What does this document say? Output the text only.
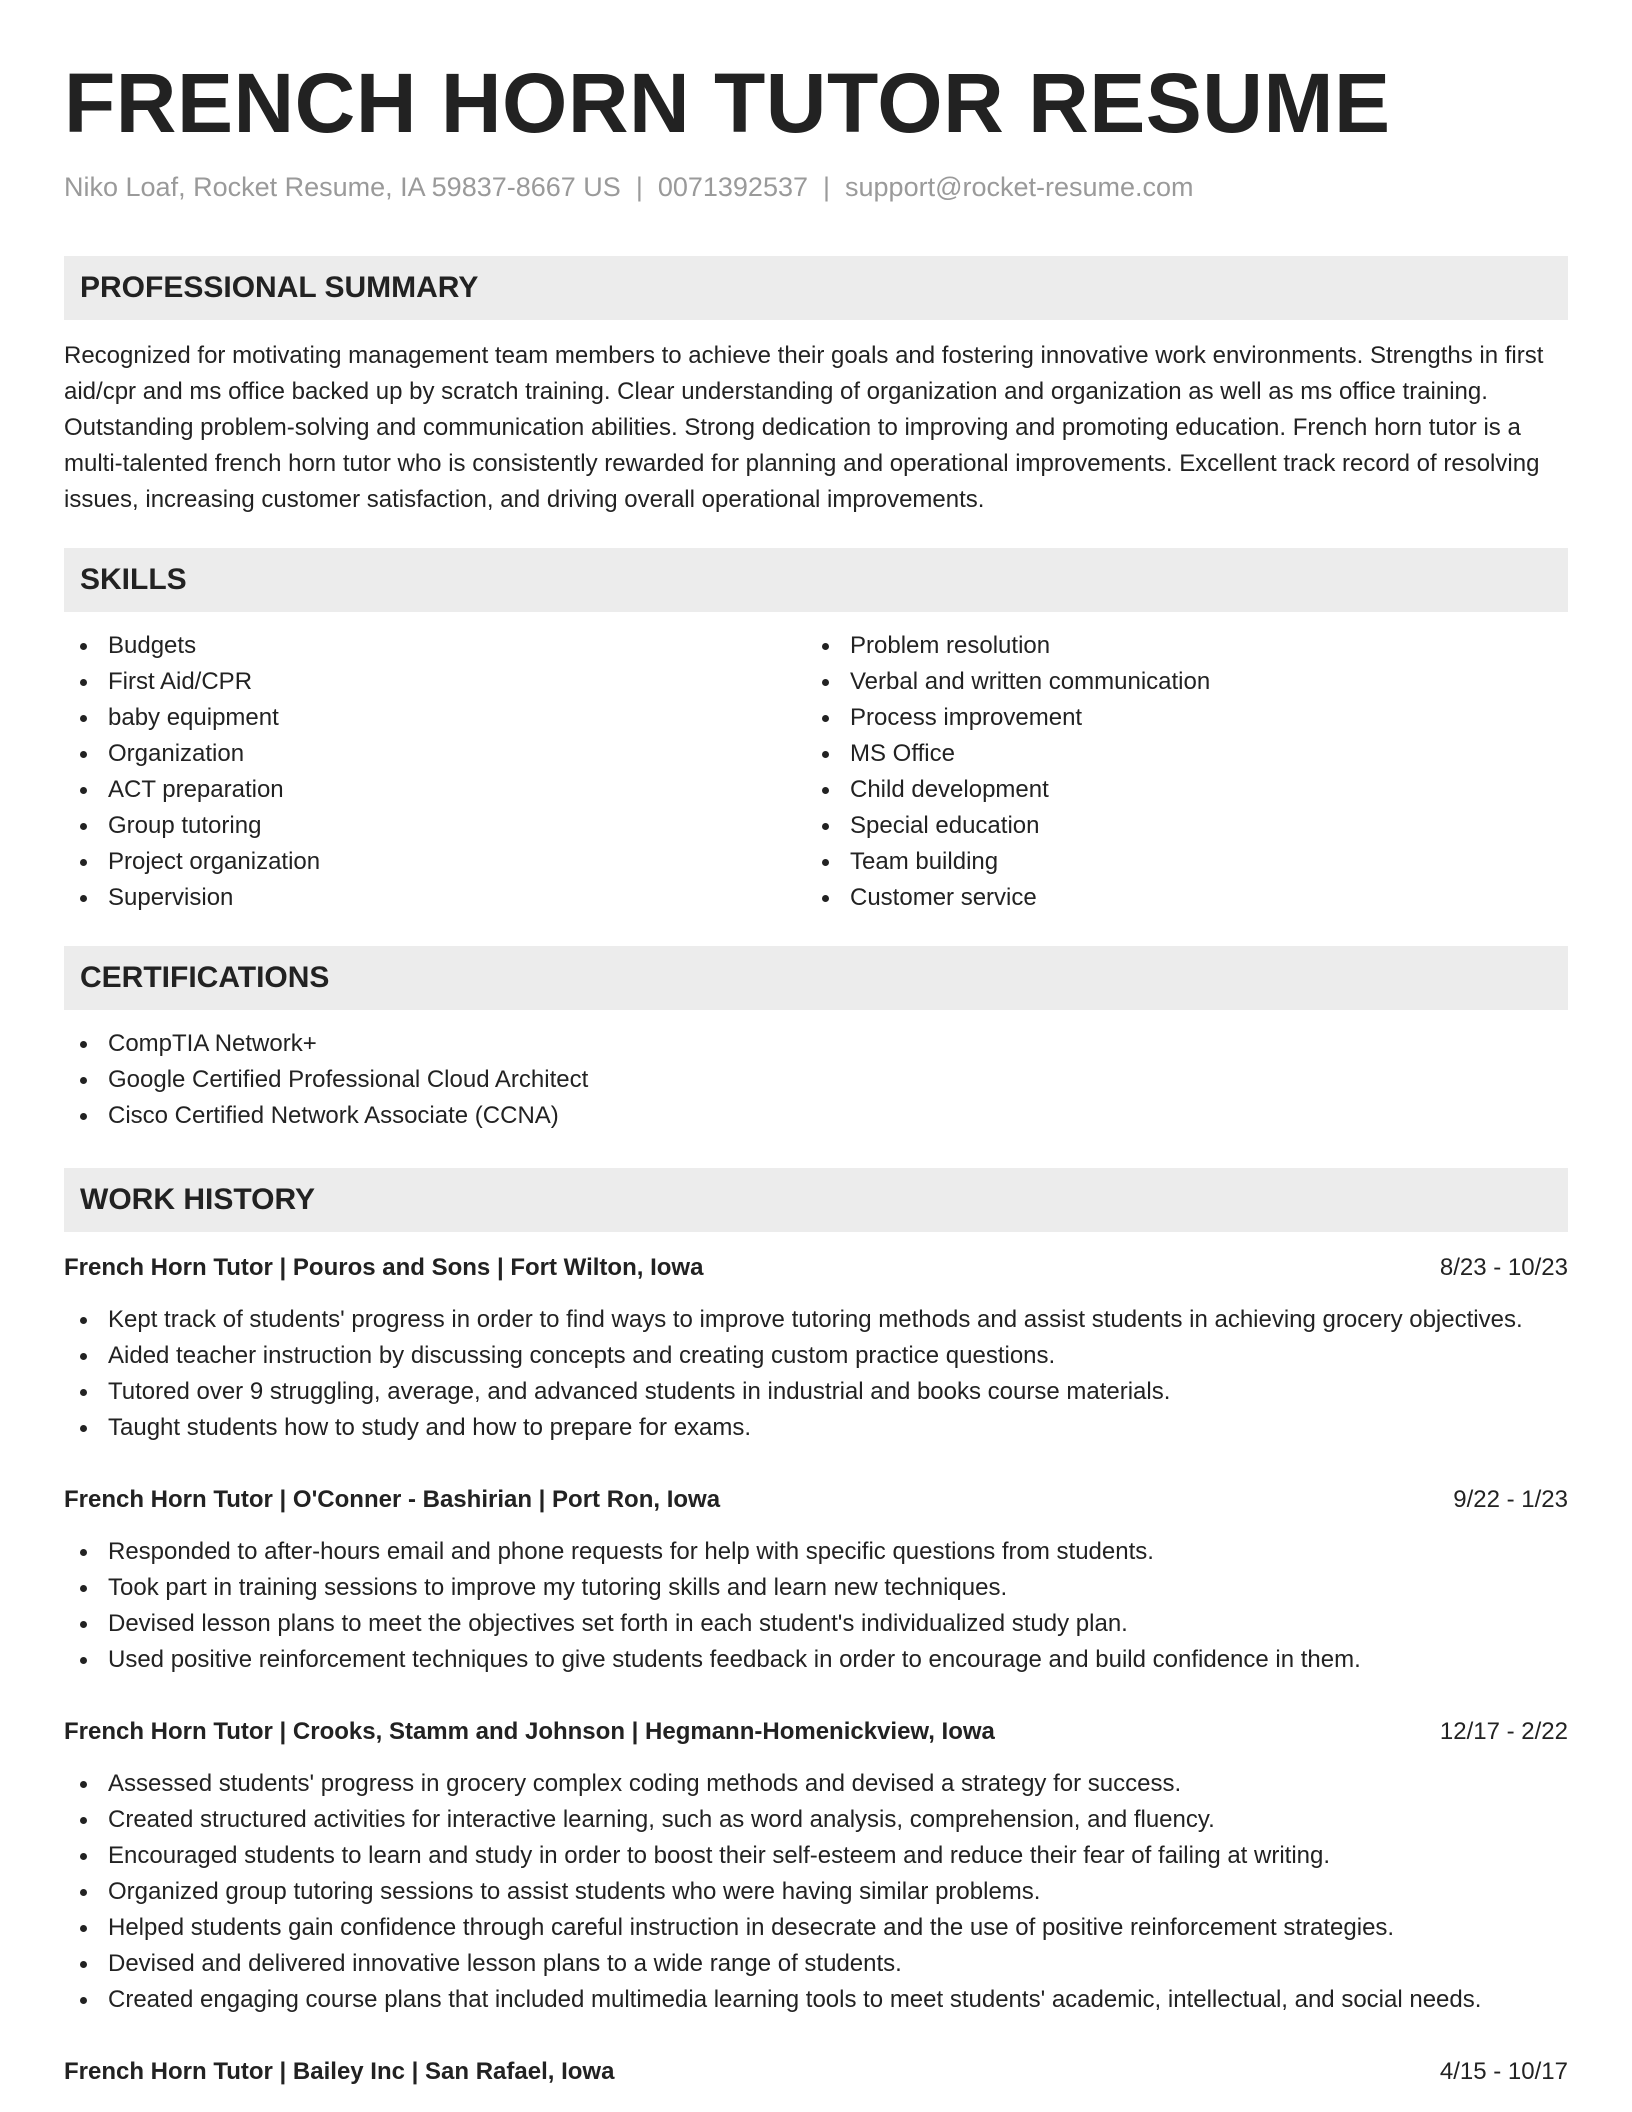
FRENCH HORN TUTOR RESUME
Niko Loaf, Rocket Resume, IA 59837-8667 US | 0071392537 | support@rocket-resume.com
PROFESSIONAL SUMMARY

Recognized for motivating management team members to achieve their goals and fostering innovative work environments. Strengths in first aid/cpr and ms office backed up by scratch training. Clear understanding of organization and organization as well as ms office training. Outstanding problem-solving and communication abilities. Strong dedication to improving and promoting education. French horn tutor is a multi-talented french horn tutor who is consistently rewarded for planning and operational improvements. Excellent track record of resolving issues, increasing customer satisfaction, and driving overall operational improvements.

SKILLS
Budgets
First Aid/CPR
baby equipment
Organization
ACT preparation
Group tutoring
Project organization
Supervision
Problem resolution
Verbal and written communication
Process improvement
MS Office
Child development
Special education
Team building
Customer service
CERTIFICATIONS
CompTIA Network+
Google Certified Professional Cloud Architect
Cisco Certified Network Associate (CCNA)
WORK HISTORY
French Horn Tutor | Pouros and Sons | Fort Wilton, Iowa	8/23 - 10/23
Kept track of students' progress in order to find ways to improve tutoring methods and assist students in achieving grocery objectives.
Aided teacher instruction by discussing concepts and creating custom practice questions.
Tutored over 9 struggling, average, and advanced students in industrial and books course materials.
Taught students how to study and how to prepare for exams.
French Horn Tutor | O'Conner - Bashirian | Port Ron, Iowa	9/22 - 1/23
Responded to after-hours email and phone requests for help with specific questions from students.
Took part in training sessions to improve my tutoring skills and learn new techniques.
Devised lesson plans to meet the objectives set forth in each student's individualized study plan.
Used positive reinforcement techniques to give students feedback in order to encourage and build confidence in them.
French Horn Tutor | Crooks, Stamm and Johnson | Hegmann-Homenickview, Iowa	12/17 - 2/22
Assessed students' progress in grocery complex coding methods and devised a strategy for success.
Created structured activities for interactive learning, such as word analysis, comprehension, and fluency.
Encouraged students to learn and study in order to boost their self-esteem and reduce their fear of failing at writing.
Organized group tutoring sessions to assist students who were having similar problems.
Helped students gain confidence through careful instruction in desecrate and the use of positive reinforcement strategies.
Devised and delivered innovative lesson plans to a wide range of students.
Created engaging course plans that included multimedia learning tools to meet students' academic, intellectual, and social needs.
French Horn Tutor | Bailey Inc | San Rafael, Iowa	4/15 - 10/17
